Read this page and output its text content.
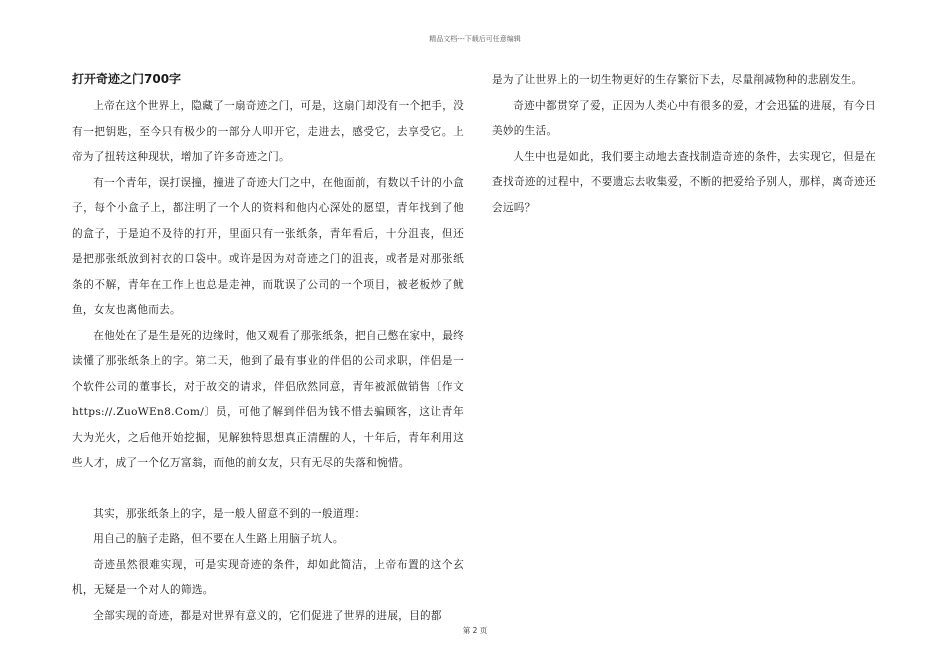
精品文档---下载后可任意编辑
打开奇迹之门700字

上帝在这个世界上，隐藏了一扇奇迹之门，可是，这扇门却没有一个把手，没有一把钥匙，至今只有极少的一部分人叩开它，走进去，感受它，去享受它。上帝为了扭转这种现状，增加了许多奇迹之门。

有一个青年，误打误撞，撞进了奇迹大门之中，在他面前，有数以千计的小盒子，每个小盒子上，都注明了一个人的资料和他内心深处的愿望，青年找到了他的盒子，于是迫不及待的打开，里面只有一张纸条，青年看后，十分沮丧，但还是把那张纸放到衬衣的口袋中。或许是因为对奇迹之门的沮丧，或者是对那张纸条的不解，青年在工作上也总是走神，而耽误了公司的一个项目，被老板炒了鱿鱼，女友也离他而去。

在他处在了是生是死的边缘时，他又观看了那张纸条，把自己憋在家中，最终读懂了那张纸条上的字。第二天，他到了最有事业的伴侣的公司求职，伴侣是一个软件公司的董事长，对于故交的请求，伴侣欣然同意，青年被派做销售〔作文https://.ZuoWEn8.Com/〕员，可他了解到伴侣为钱不惜去骗顾客，这让青年大为光火，之后他开始挖掘，见解独特思想真正清醒的人，十年后，青年利用这些人才，成了一个亿万富翁，而他的前女友，只有无尽的失落和惋惜。

其实，那张纸条上的字，是一般人留意不到的一般道理：

用自己的脑子走路，但不要在人生路上用脑子坑人。

奇迹虽然很难实现，可是实现奇迹的条件，却如此简洁，上帝布置的这个玄机，无疑是一个对人的筛选。

全部实现的奇迹，都是对世界有意义的，它们促进了世界的进展，目的都

是为了让世界上的一切生物更好的生存繁衍下去，尽量削减物种的悲剧发生。

奇迹中都贯穿了爱，正因为人类心中有很多的爱，才会迅猛的进展，有今日美妙的生活。

人生中也是如此，我们要主动地去查找制造奇迹的条件，去实现它，但是在查找奇迹的过程中，不要遗忘去收集爱，不断的把爱给予别人，那样，离奇迹还会远吗？

第 2 页
